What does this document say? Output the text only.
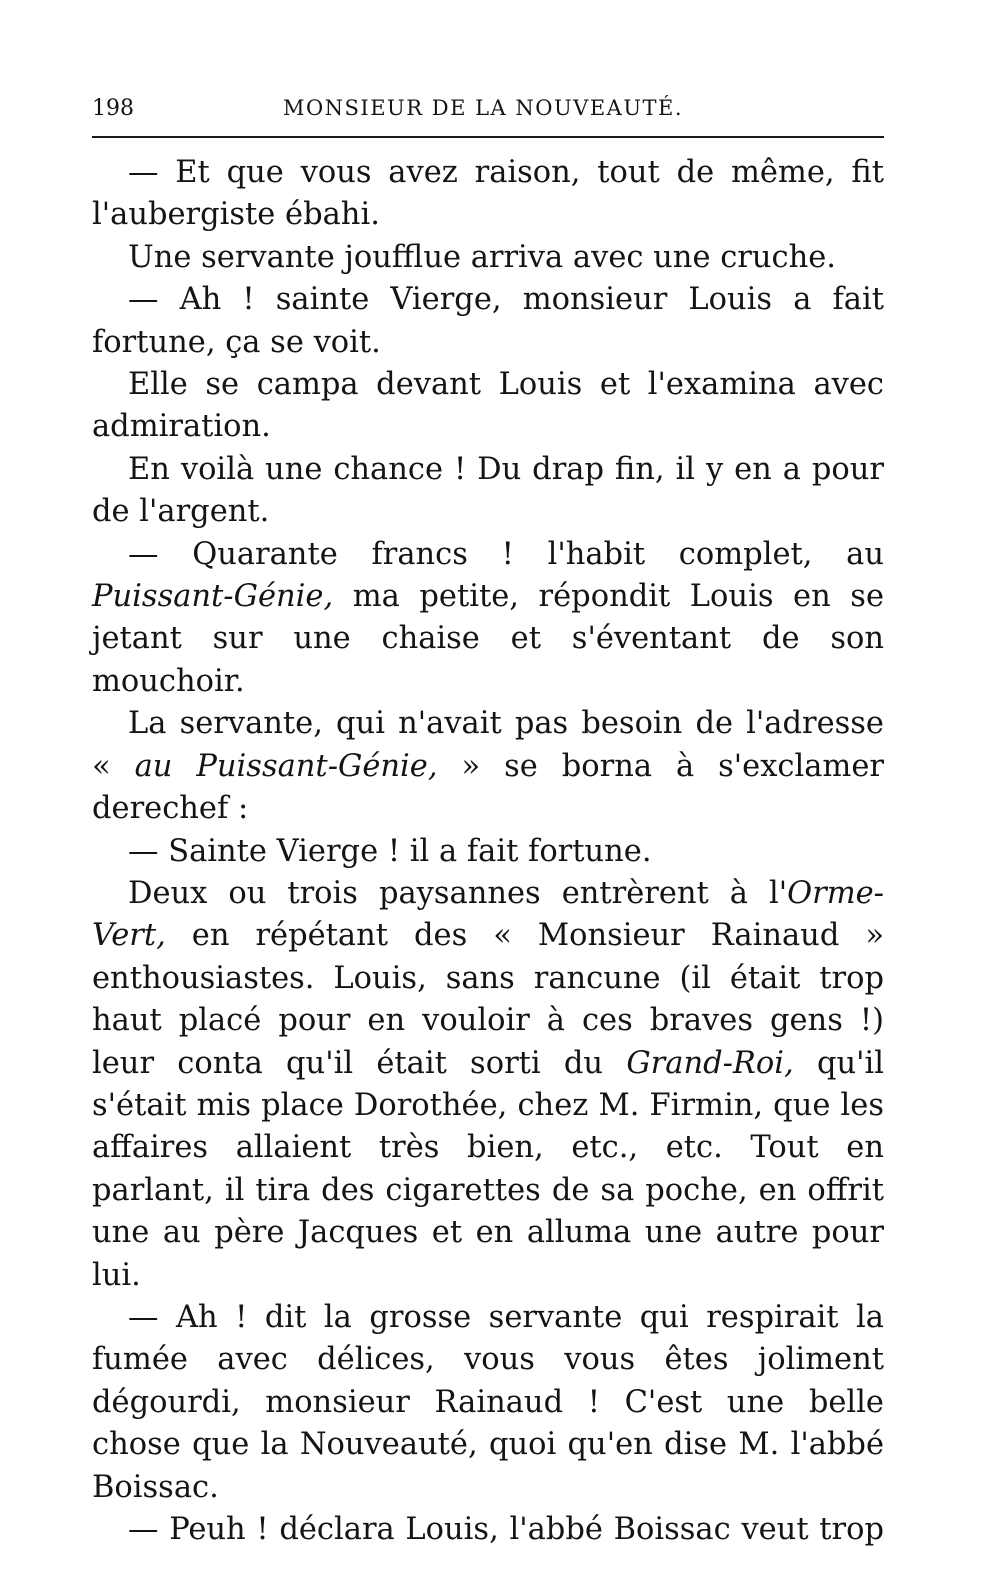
198	MONSIEUR DE LA NOUVEAUTÉ.

— Et que vous avez raison, tout de même, fit l'aubergiste ébahi.

Une servante joufflue arriva avec une cruche.

— Ah ! sainte Vierge, monsieur Louis a fait fortune, ça se voit.

Elle se campa devant Louis et l'examina avec admiration.

En voilà une chance ! Du drap fin, il y en a pour de l'argent.

— Quarante francs ! l'habit complet, au Puissant-Génie, ma petite, répondit Louis en se jetant sur une chaise et s'éventant de son mouchoir.

La servante, qui n'avait pas besoin de l'adresse « au Puissant-Génie, » se borna à s'exclamer derechef :

— Sainte Vierge ! il a fait fortune.

Deux ou trois paysannes entrèrent à l'Orme-Vert, en répétant des « Monsieur Rainaud » enthousiastes. Louis, sans rancune (il était trop haut placé pour en vouloir à ces braves gens !) leur conta qu'il était sorti du Grand-Roi, qu'il s'était mis place Dorothée, chez M. Firmin, que les affaires allaient très bien, etc., etc. Tout en parlant, il tira des cigarettes de sa poche, en offrit une au père Jacques et en alluma une autre pour lui.

— Ah ! dit la grosse servante qui respirait la fumée avec délices, vous vous êtes joliment dégourdi, monsieur Rainaud ! C'est une belle chose que la Nouveauté, quoi qu'en dise M. l'abbé Boissac.

— Peuh ! déclara Louis, l'abbé Boissac veut trop
